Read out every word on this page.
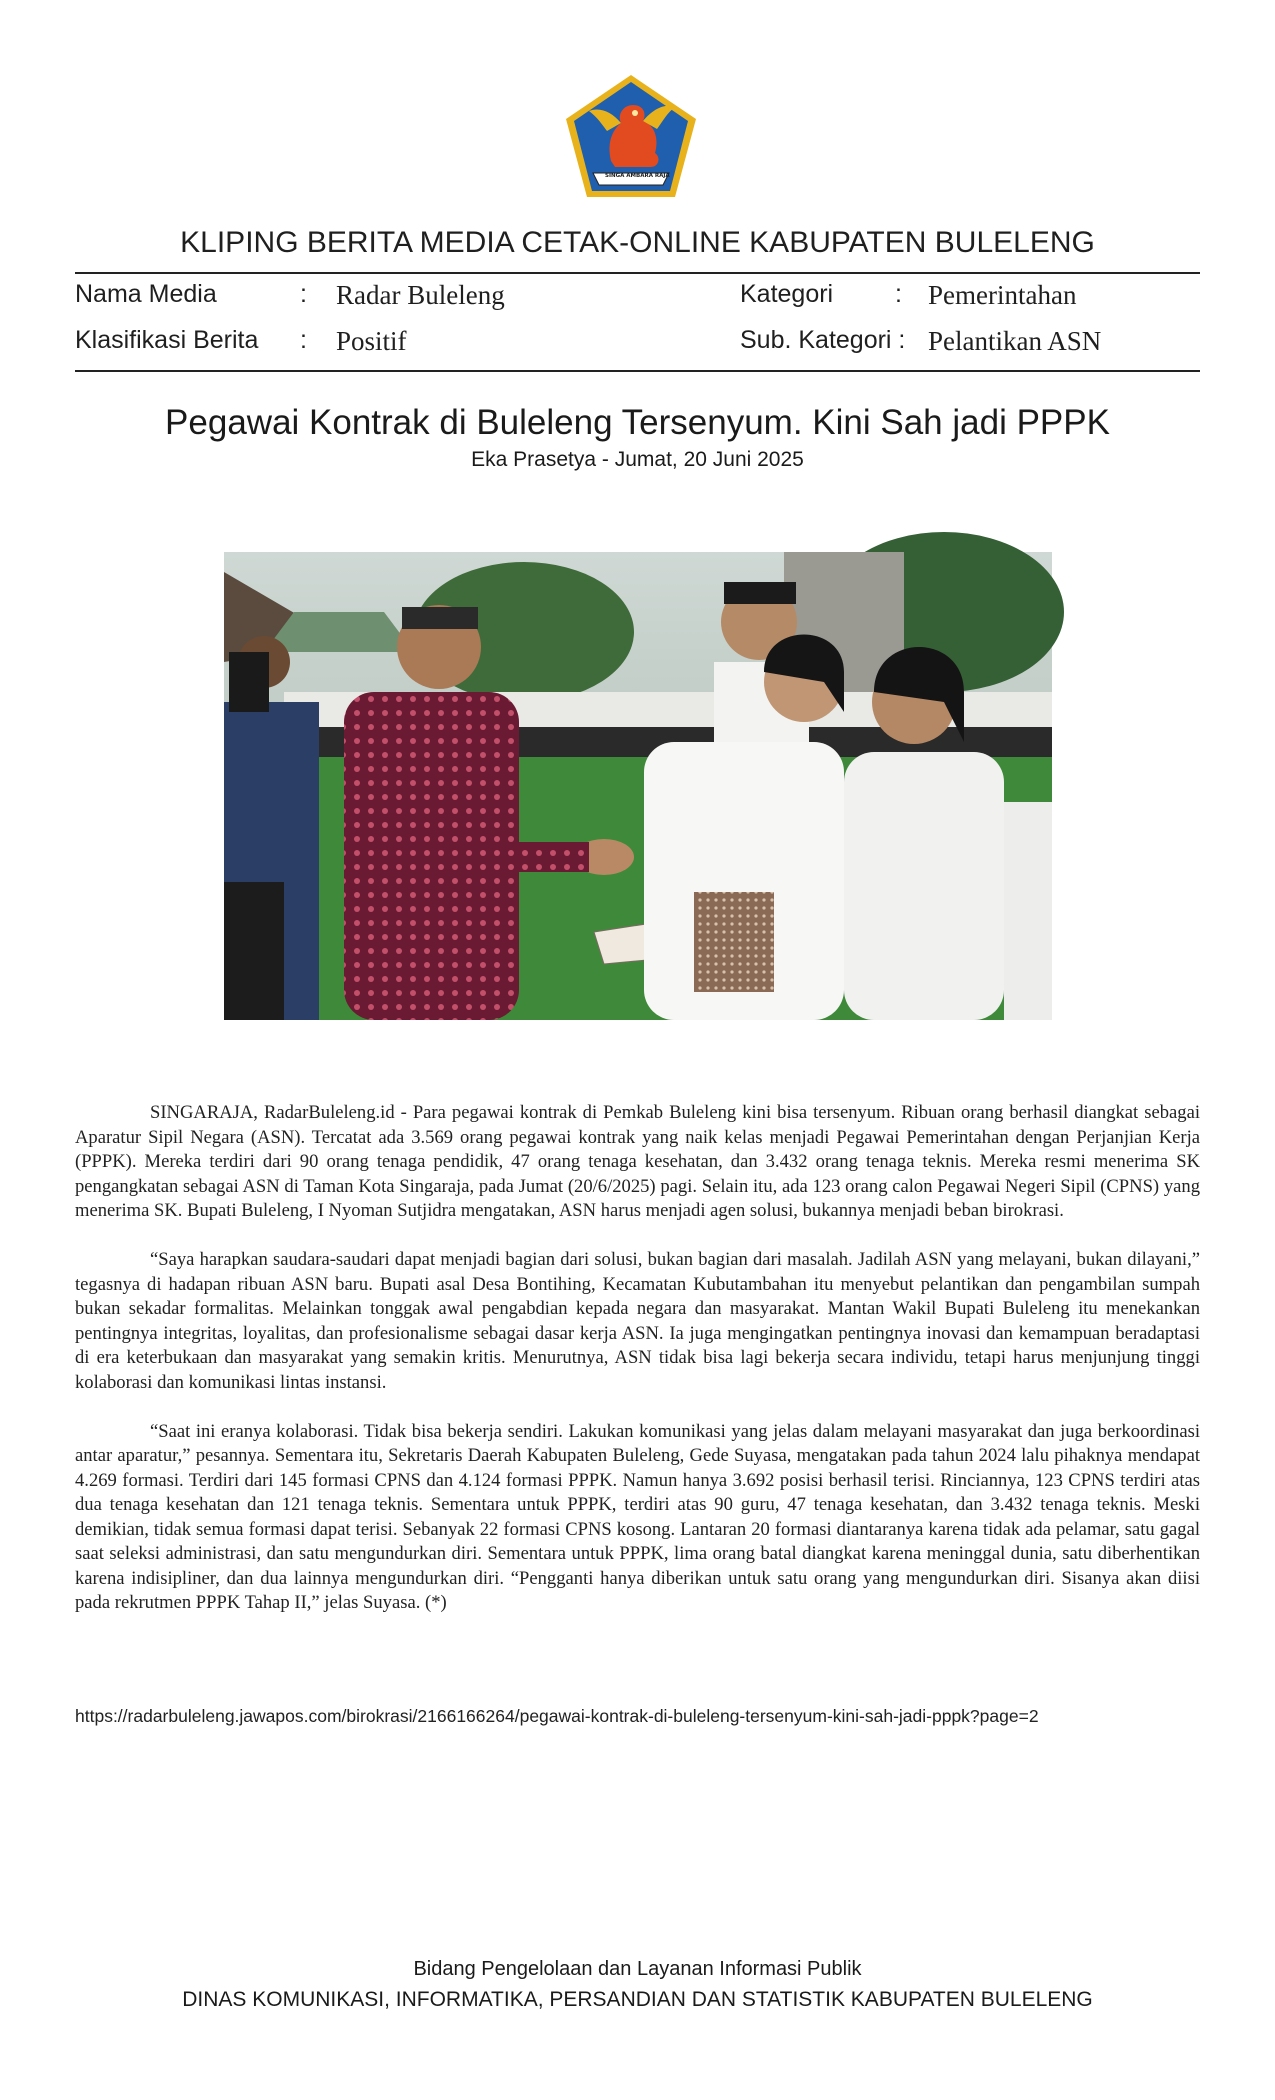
SINGA AMBARA RAJA
KLIPING BERITA MEDIA CETAK-ONLINE KABUPATEN BULELENG
Nama Media	: Radar Buleleng	Kategori : Pemerintahan
Klasifikasi Berita : Positif	Sub. Kategori : Pelantikan ASN
Pegawai Kontrak di Buleleng Tersenyum. Kini Sah jadi PPPK
Eka Prasetya - Jumat, 20 Juni 2025

SINGARAJA, RadarBuleleng.id - Para pegawai kontrak di Pemkab Buleleng kini bisa tersenyum. Ribuan orang berhasil diangkat sebagai Aparatur Sipil Negara (ASN). Tercatat ada 3.569 orang pegawai kontrak yang naik kelas menjadi Pegawai Pemerintahan dengan Perjanjian Kerja (PPPK). Mereka terdiri dari 90 orang tenaga pendidik, 47 orang tenaga kesehatan, dan 3.432 orang tenaga teknis. Mereka resmi menerima SK pengangkatan sebagai ASN di Taman Kota Singaraja, pada Jumat (20/6/2025) pagi. Selain itu, ada 123 orang calon Pegawai Negeri Sipil (CPNS) yang menerima SK. Bupati Buleleng, I Nyoman Sutjidra mengatakan, ASN harus menjadi agen solusi, bukannya menjadi beban birokrasi.

“Saya harapkan saudara-saudari dapat menjadi bagian dari solusi, bukan bagian dari masalah. Jadilah ASN yang melayani, bukan dilayani,” tegasnya di hadapan ribuan ASN baru. Bupati asal Desa Bontihing, Kecamatan Kubutambahan itu menyebut pelantikan dan pengambilan sumpah bukan sekadar formalitas. Melainkan tonggak awal pengabdian kepada negara dan masyarakat. Mantan Wakil Bupati Buleleng itu menekankan pentingnya integritas, loyalitas, dan profesionalisme sebagai dasar kerja ASN. Ia juga mengingatkan pentingnya inovasi dan kemampuan beradaptasi di era keterbukaan dan masyarakat yang semakin kritis. Menurutnya, ASN tidak bisa lagi bekerja secara individu, tetapi harus menjunjung tinggi kolaborasi dan komunikasi lintas instansi.

“Saat ini eranya kolaborasi. Tidak bisa bekerja sendiri. Lakukan komunikasi yang jelas dalam melayani masyarakat dan juga berkoordinasi antar aparatur,” pesannya. Sementara itu, Sekretaris Daerah Kabupaten Buleleng, Gede Suyasa, mengatakan pada tahun 2024 lalu pihaknya mendapat 4.269 formasi. Terdiri dari 145 formasi CPNS dan 4.124 formasi PPPK. Namun hanya 3.692 posisi berhasil terisi. Rinciannya, 123 CPNS terdiri atas dua tenaga kesehatan dan 121 tenaga teknis. Sementara untuk PPPK, terdiri atas 90 guru, 47 tenaga kesehatan, dan 3.432 tenaga teknis. Meski demikian, tidak semua formasi dapat terisi. Sebanyak 22 formasi CPNS kosong. Lantaran 20 formasi diantaranya karena tidak ada pelamar, satu gagal saat seleksi administrasi, dan satu mengundurkan diri. Sementara untuk PPPK, lima orang batal diangkat karena meninggal dunia, satu diberhentikan karena indisipliner, dan dua lainnya mengundurkan diri. “Pengganti hanya diberikan untuk satu orang yang mengundurkan diri. Sisanya akan diisi pada rekrutmen PPPK Tahap II,” jelas Suyasa. (*)

https://radarbuleleng.jawapos.com/birokrasi/2166166264/pegawai-kontrak-di-buleleng-tersenyum-kini-sah-jadi-pppk?page=2
Bidang Pengelolaan dan Layanan Informasi Publik
DINAS KOMUNIKASI, INFORMATIKA, PERSANDIAN DAN STATISTIK KABUPATEN BULELENG
